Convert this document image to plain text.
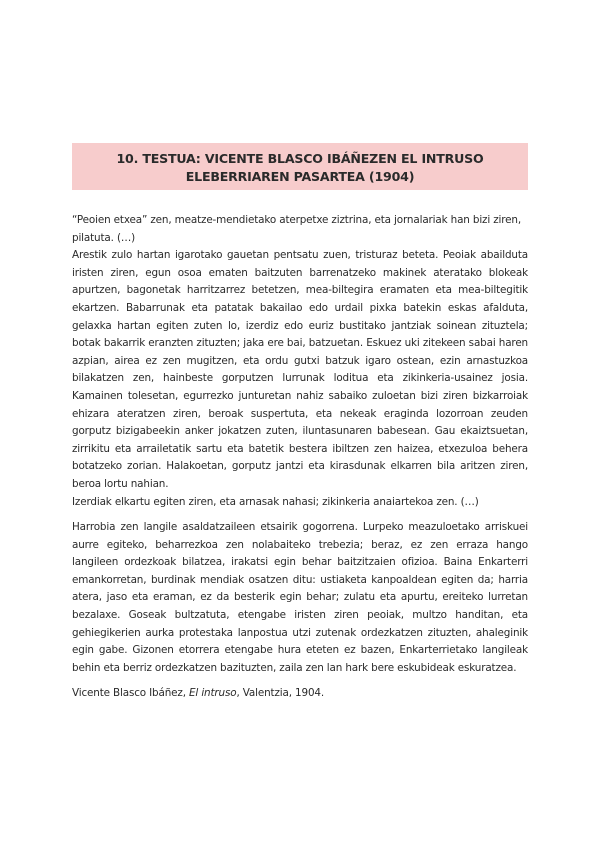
10. TESTUA: VICENTE BLASCO IBÁÑEZEN EL INTRUSO
ELEBERRIAREN PASARTEA (1904)

“Peoien etxea” zen, meatze-mendietako aterpetxe ziztrina, eta jornalariak han bizi ziren, pilatuta. (…)

Arestik zulo hartan igarotako gauetan pentsatu zuen, tristuraz beteta. Peoiak abailduta iristen ziren, egun osoa ematen baitzuten barrenatzeko makinek ateratako blokeak apurtzen, bagonetak harritzarrez betetzen, mea-biltegira eramaten eta mea-biltegitik ekartzen. Babarrunak eta patatak bakailao edo urdail pixka batekin eskas afalduta, gelaxka hartan egiten zuten lo, izerdiz edo euriz bustitako jantziak soinean zituztela; botak bakarrik eranzten zituzten; jaka ere bai, batzuetan. Eskuez uki zitekeen sabai haren azpian, airea ez zen mugitzen, eta ordu gutxi batzuk igaro ostean, ezin arnastuzkoa bilakatzen zen, hainbeste gorputzen lurrunak loditua eta zikinkeria-usainez josia. Kamainen tolesetan, egurrezko junturetan nahiz sabaiko zuloetan bizi ziren bizkarroiak ehizara ateratzen ziren, beroak suspertuta, eta nekeak eraginda lozorroan zeuden gorputz bizigabeekin anker jokatzen zuten, iluntasunaren babesean. Gau ekaiztsuetan, zirrikitu eta arrailetatik sartu eta batetik bestera ibiltzen zen haizea, etxezuloa behera botatzeko zorian. Halakoetan, gorputz jantzi eta kirasdunak elkarren bila aritzen ziren, beroa lortu nahian.

Izerdiak elkartu egiten ziren, eta arnasak nahasi; zikinkeria anaiartekoa zen. (…)

Harrobia zen langile asaldatzaileen etsairik gogorrena. Lurpeko meazuloetako arriskuei aurre egiteko, beharrezkoa zen nolabaiteko trebezia; beraz, ez zen erraza hango langileen ordezkoak bilatzea, irakatsi egin behar baitzitzaien ofizioa. Baina Enkarterri emankorretan, burdinak mendiak osatzen ditu: ustiaketa kanpoaldean egiten da; harria atera, jaso eta eraman, ez da besterik egin behar; zulatu eta apurtu, ereiteko lurretan bezalaxe. Goseak bultzatuta, etengabe iristen ziren peoiak, multzo handitan, eta gehiegikerien aurka protestaka lanpostua utzi zutenak ordezkatzen zituzten, ahaleginik egin gabe. Gizonen etorrera etengabe hura eteten ez bazen, Enkarterrietako langileak behin eta berriz ordezkatzen bazituzten, zaila zen lan hark bere eskubideak eskuratzea.

Vicente Blasco Ibáñez, El intruso, Valentzia, 1904.
